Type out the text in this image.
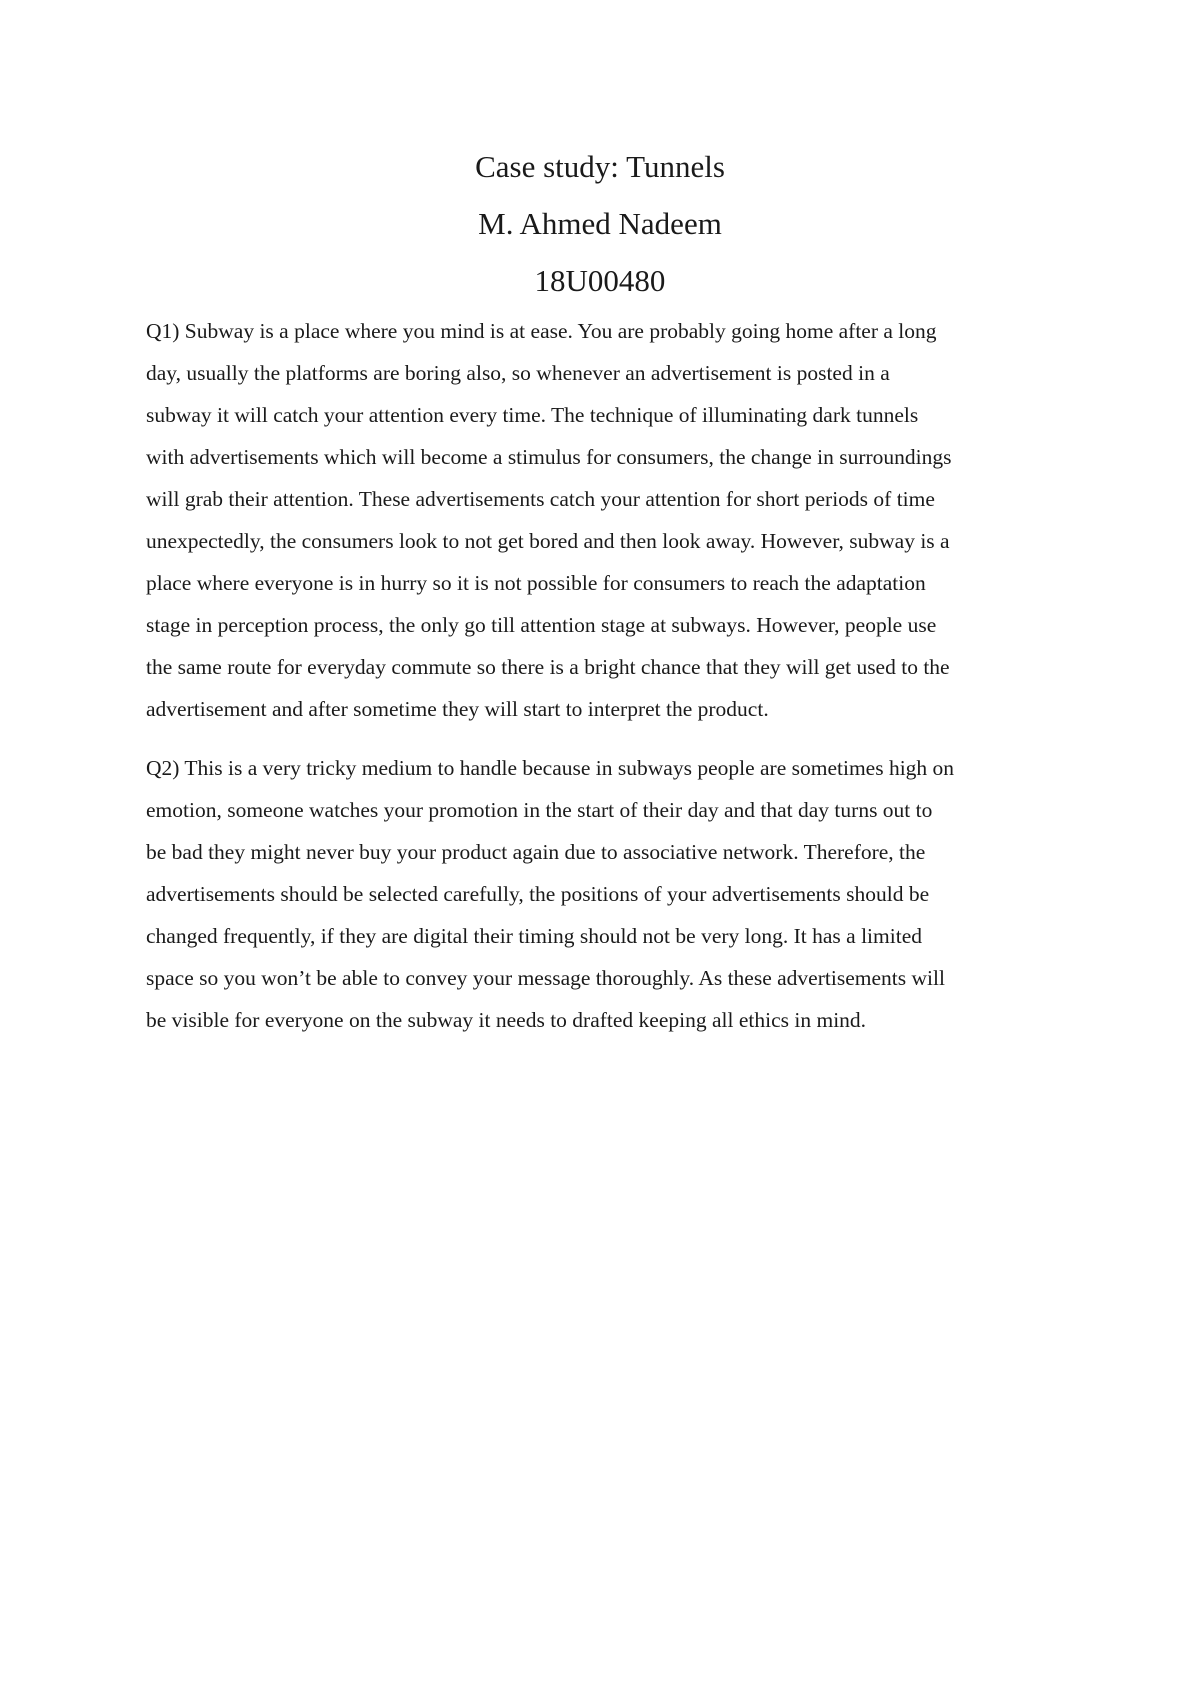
Case study: Tunnels
M. Ahmed Nadeem
18U00480

Q1) Subway is a place where you mind is at ease. You are probably going home after a long
day, usually the platforms are boring also, so whenever an advertisement is posted in a
subway it will catch your attention every time. The technique of illuminating dark tunnels
with advertisements which will become a stimulus for consumers, the change in surroundings
will grab their attention. These advertisements catch your attention for short periods of time
unexpectedly, the consumers look to not get bored and then look away. However, subway is a
place where everyone is in hurry so it is not possible for consumers to reach the adaptation
stage in perception process, the only go till attention stage at subways. However, people use
the same route for everyday commute so there is a bright chance that they will get used to the
advertisement and after sometime they will start to interpret the product.

Q2) This is a very tricky medium to handle because in subways people are sometimes high on
emotion, someone watches your promotion in the start of their day and that day turns out to
be bad they might never buy your product again due to associative network. Therefore, the
advertisements should be selected carefully, the positions of your advertisements should be
changed frequently, if they are digital their timing should not be very long. It has a limited
space so you won’t be able to convey your message thoroughly. As these advertisements will
be visible for everyone on the subway it needs to drafted keeping all ethics in mind.
